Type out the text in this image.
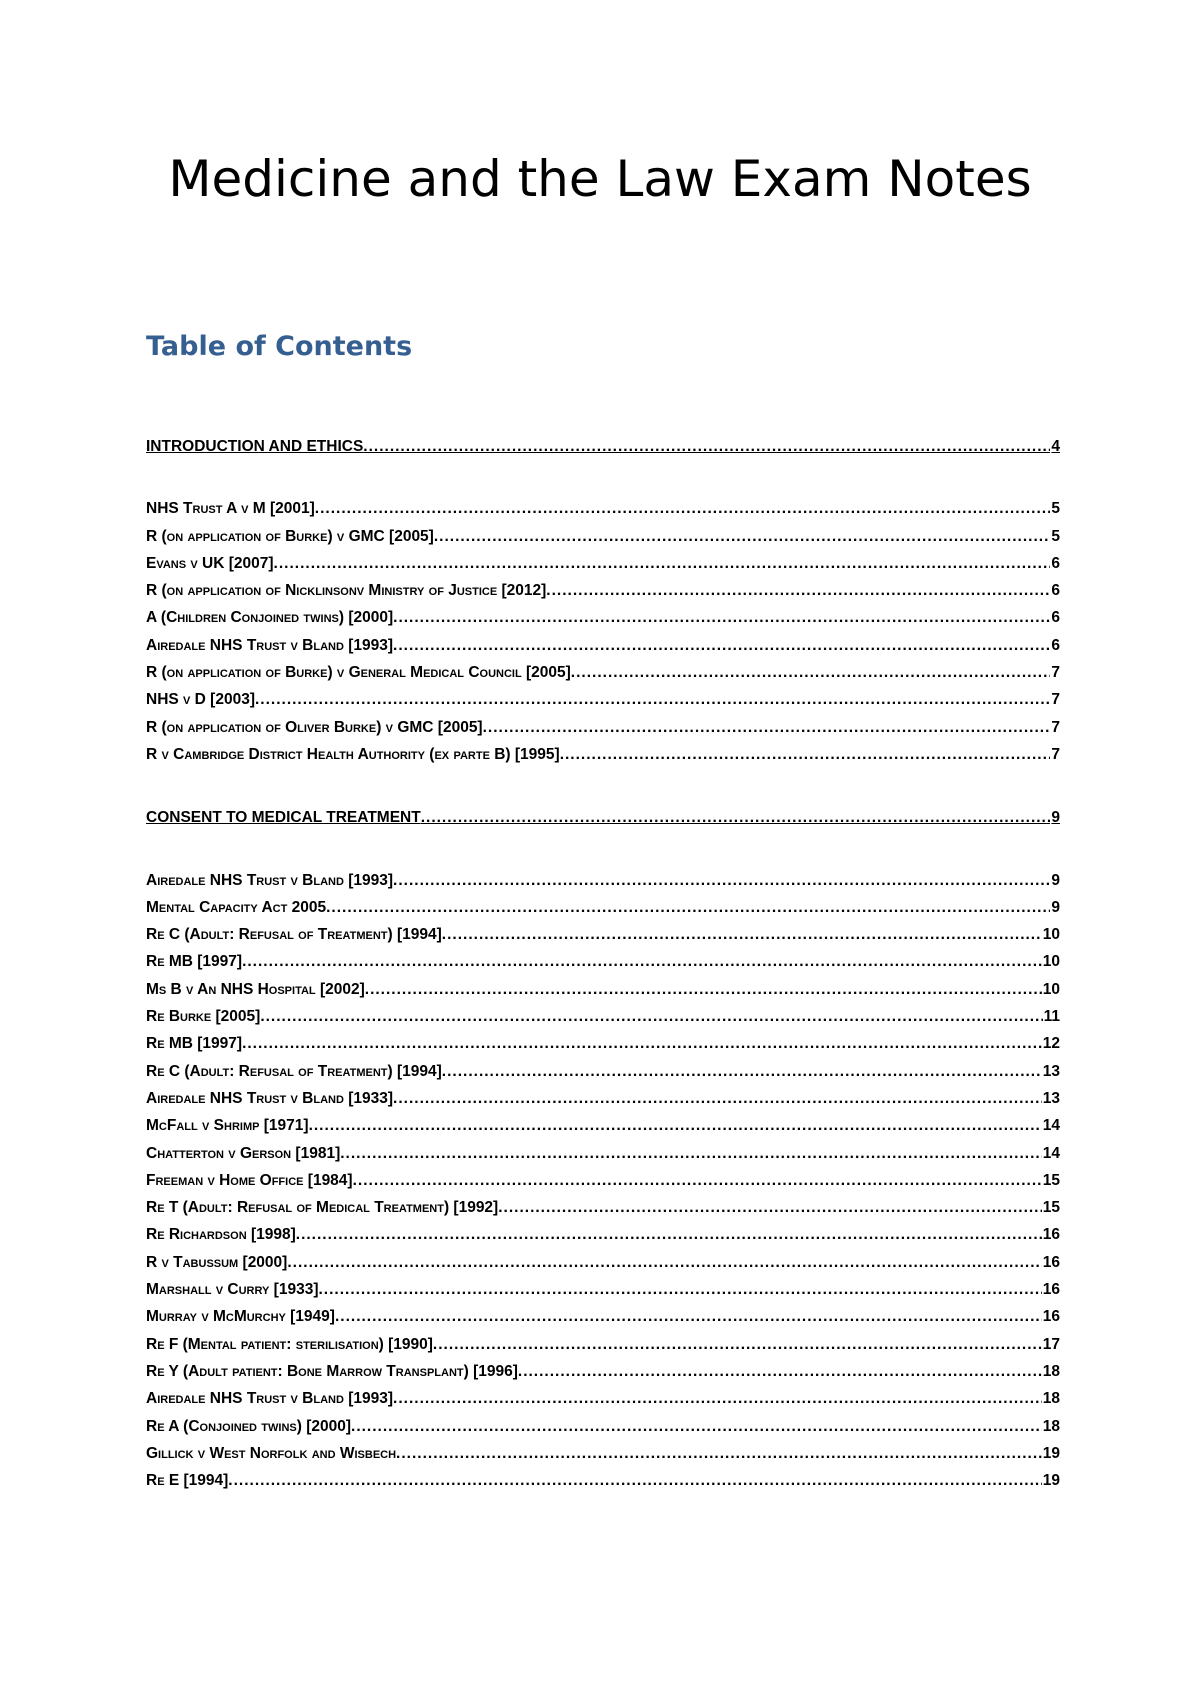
Medicine and the Law Exam Notes
Table of Contents
INTRODUCTION AND ETHICS .....	4
NHS Trust A v M [2001] .....	5
R (on application of Burke) v GMC [2005] .....	5
Evans v UK [2007] .....	6
R (on application of Nicklinsonv Ministry of Justice [2012] .....	6
A (Children Conjoined twins) [2000] .....	6
Airedale NHS Trust v Bland [1993] .....	6
R (on application of Burke) v General Medical Council [2005] .....	7
NHS v D [2003] .....	7
R (on application of Oliver Burke) v GMC [2005] .....	7
R v Cambridge District Health Authority (ex parte B) [1995] .....	7
CONSENT TO MEDICAL TREATMENT .....	9
Airedale NHS Trust v Bland [1993] .....	9
Mental Capacity Act 2005 .....	9
Re C (Adult: Refusal of Treatment) [1994] .....	10
Re MB [1997] .....	10
Ms B v An NHS Hospital [2002] .....	10
Re Burke [2005] .....	11
Re MB [1997] .....	12
Re C (Adult: Refusal of Treatment) [1994] .....	13
Airedale NHS Trust v Bland [1933] .....	13
McFall v Shrimp [1971] .....	14
Chatterton v Gerson [1981] .....	14
Freeman v Home Office [1984] .....	15
Re T (Adult: Refusal of Medical Treatment) [1992] .....	15
Re Richardson [1998] .....	16
R v Tabussum [2000] .....	16
Marshall v Curry [1933] .....	16
Murray v McMurchy [1949] .....	16
Re F (Mental patient: sterilisation) [1990] .....	17
Re Y (Adult patient: Bone Marrow Transplant) [1996] .....	18
Airedale NHS Trust v Bland [1993] .....	18
Re A (Conjoined twins) [2000] .....	18
Gillick v West Norfolk and Wisbech .....	19
Re E [1994] .....	19
